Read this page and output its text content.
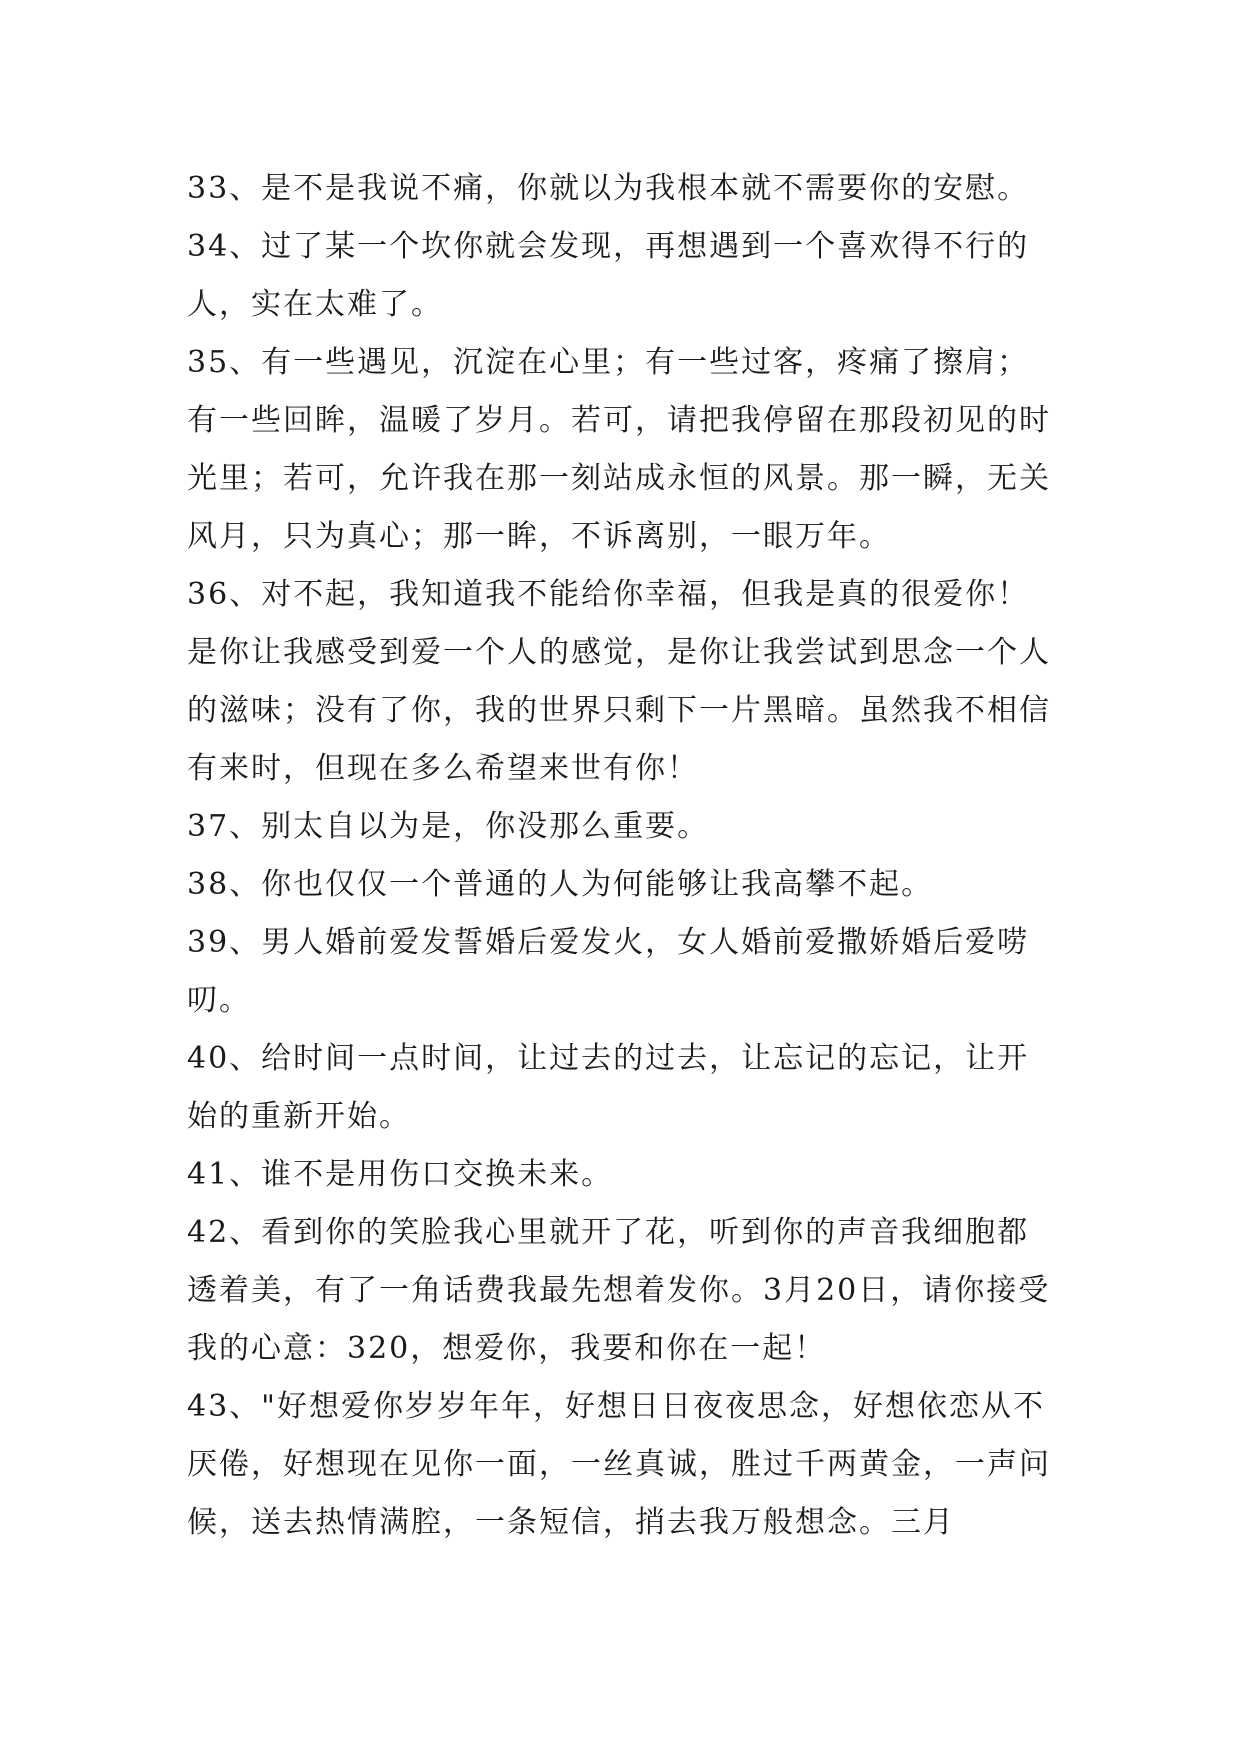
33、是不是我说不痛，你就以为我根本就不需要你的安慰。

34、过了某一个坎你就会发现，再想遇到一个喜欢得不行的人，实在太难了。

35、有一些遇见，沉淀在心里；有一些过客，疼痛了擦肩；有一些回眸，温暖了岁月。若可，请把我停留在那段初见的时光里；若可，允许我在那一刻站成永恒的风景。那一瞬，无关风月，只为真心；那一眸，不诉离别，一眼万年。

36、对不起，我知道我不能给你幸福，但我是真的很爱你！是你让我感受到爱一个人的感觉，是你让我尝试到思念一个人的滋味；没有了你，我的世界只剩下一片黑暗。虽然我不相信有来时，但现在多么希望来世有你！

37、别太自以为是，你没那么重要。

38、你也仅仅一个普通的人为何能够让我高攀不起。

39、男人婚前爱发誓婚后爱发火，女人婚前爱撒娇婚后爱唠叨。

40、给时间一点时间，让过去的过去，让忘记的忘记，让开始的重新开始。

41、谁不是用伤口交换未来。

42、看到你的笑脸我心里就开了花，听到你的声音我细胞都透着美，有了一角话费我最先想着发你。3月20日，请你接受我的心意：320，想爱你，我要和你在一起！

43、"好想爱你岁岁年年，好想日日夜夜思念，好想依恋从不厌倦，好想现在见你一面，一丝真诚，胜过千两黄金，一声问候，送去热情满腔，一条短信，捎去我万般想念。三月
